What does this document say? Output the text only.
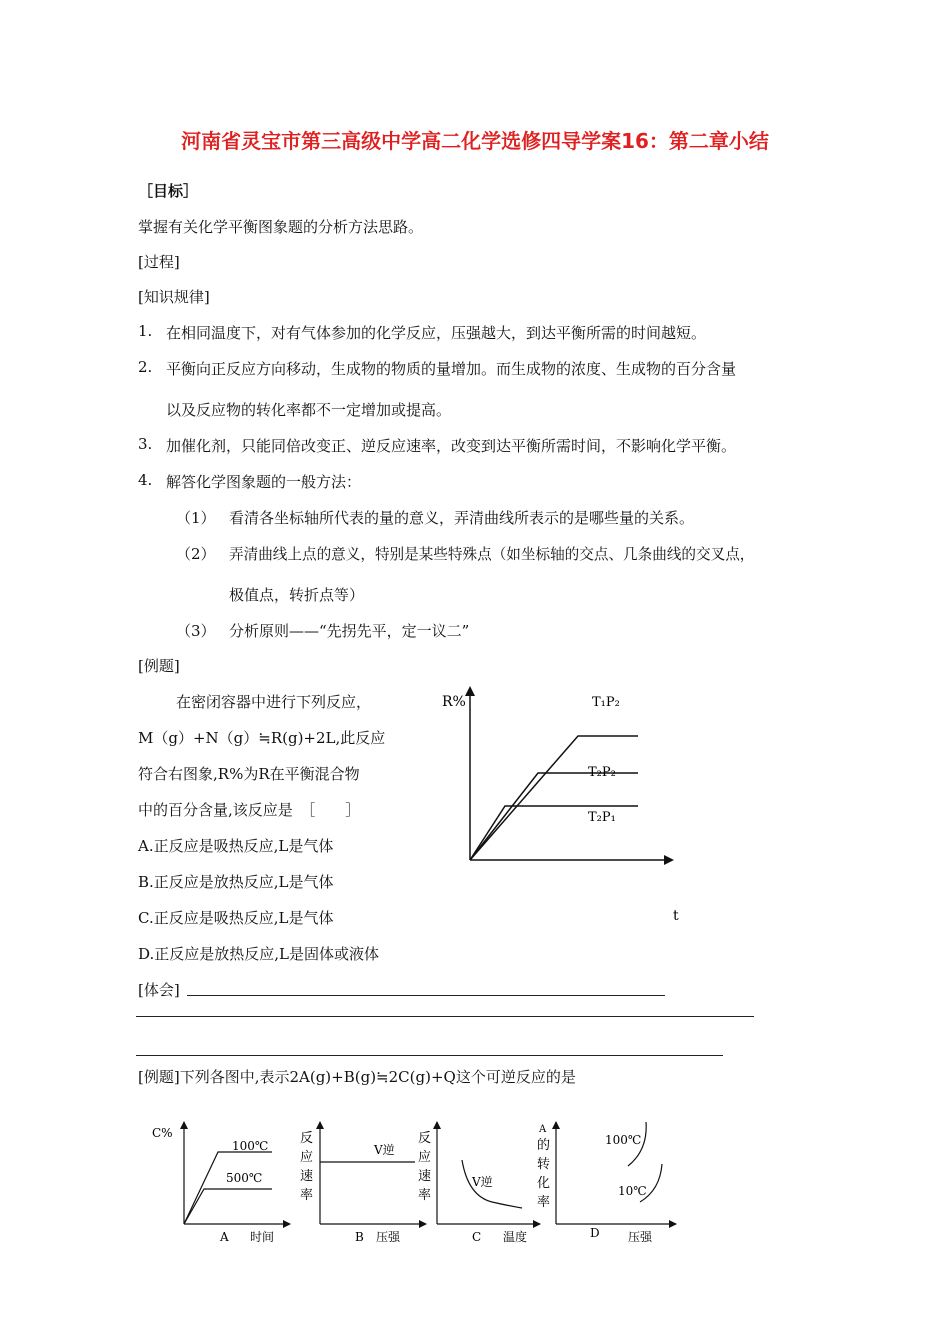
河南省灵宝市第三高级中学高二化学选修四导学案16：第二章小结
［目标］
掌握有关化学平衡图象题的分析方法思路。
[过程]
[知识规律]
1. 在相同温度下，对有气体参加的化学反应，压强越大，到达平衡所需的时间越短。
2. 平衡向正反应方向移动，生成物的物质的量增加。而生成物的浓度、生成物的百分含量
以及反应物的转化率都不一定增加或提高。
3. 加催化剂，只能同倍改变正、逆反应速率，改变到达平衡所需时间，不影响化学平衡。
4. 解答化学图象题的一般方法：
（1） 看清各坐标轴所代表的量的意义，弄清曲线所表示的是哪些量的关系。
（2） 弄清曲线上点的意义，特别是某些特殊点（如坐标轴的交点、几条曲线的交叉点，
极值点，转折点等）
（3） 分析原则——“先拐先平，定一议二”
[例题]
在密闭容器中进行下列反应，
M（g）+N（g）≒R(g)+2L,此反应
符合右图象,R%为R在平衡混合物
中的百分含量,该反应是　［　　］
A.正反应是吸热反应,L是气体
B.正反应是放热反应,L是气体
C.正反应是吸热反应,L是气体
D.正反应是放热反应,L是固体或液体
R%
t
T₁P₂
T₂P₂
T₂P₁
[体会]
[例题]下列各图中,表示2A(g)+B(g)≒2C(g)+Q这个可逆反应的是
C%
100℃
500℃
A 时间
反
应
速
率
V逆
B 压强
反
应
速
率
V逆
C 温度
A
的
转
化
率
100℃
10℃
D 压强
